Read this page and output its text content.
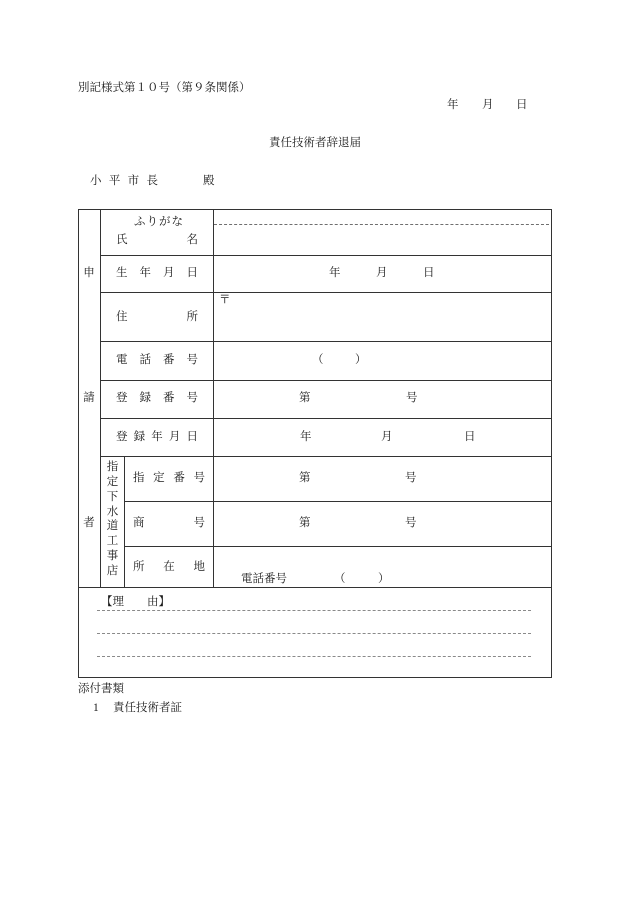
別記様式第１０号（第９条関係）
年 月 日
責任技術者辞退届
小 平 市 長	殿
申
請
者
指
定
下
水
道
工
事
店
ふ り が な
氏	名
生 年 月 日	年	月	日
住	所
〒
電 話 番 号	（	）
登 録 番 号	第	号
登 録 年 月 日	年	月	日
指 定 番 号	第	号
商	号	第	号
所 在 地
電話番号	（	）
【理　　由】
添付書類
1 責任技術者証
